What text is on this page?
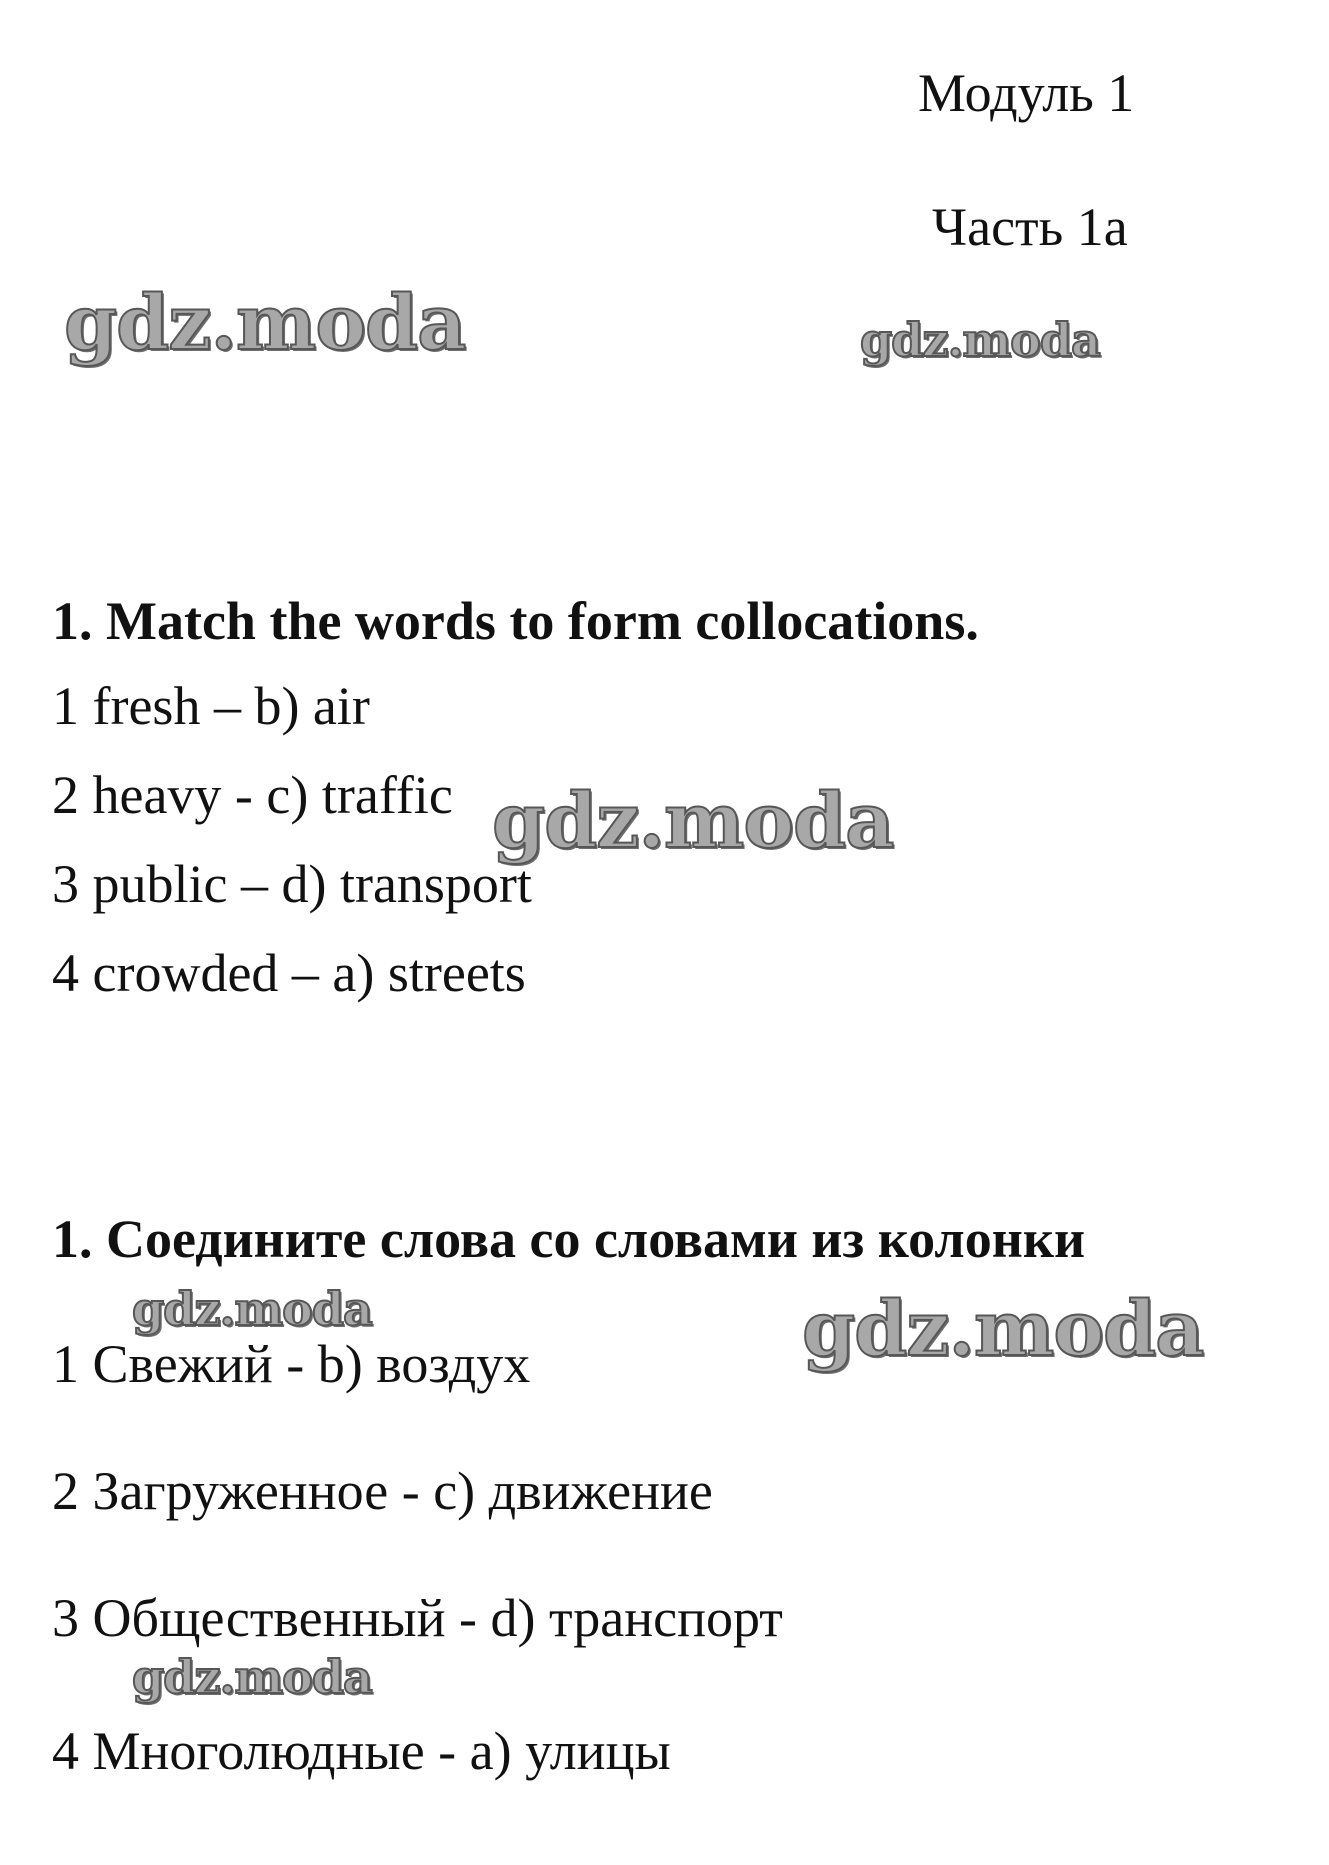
Модуль 1
Часть 1а
gdz.moda	gdz.moda
1. Match the words to form collocations.
1 fresh – b) air
2 heavy - c) traffic gdz.moda
3 public – d) transport
4 crowded – a) streets
1. Соедините слова со словами из колонки
gdz.moda	gdz.moda
1 Свежий - b) воздух
2 Загруженное - c) движение
3 Общественный - d) транспорт
gdz.moda
4 Многолюдные - a) улицы
